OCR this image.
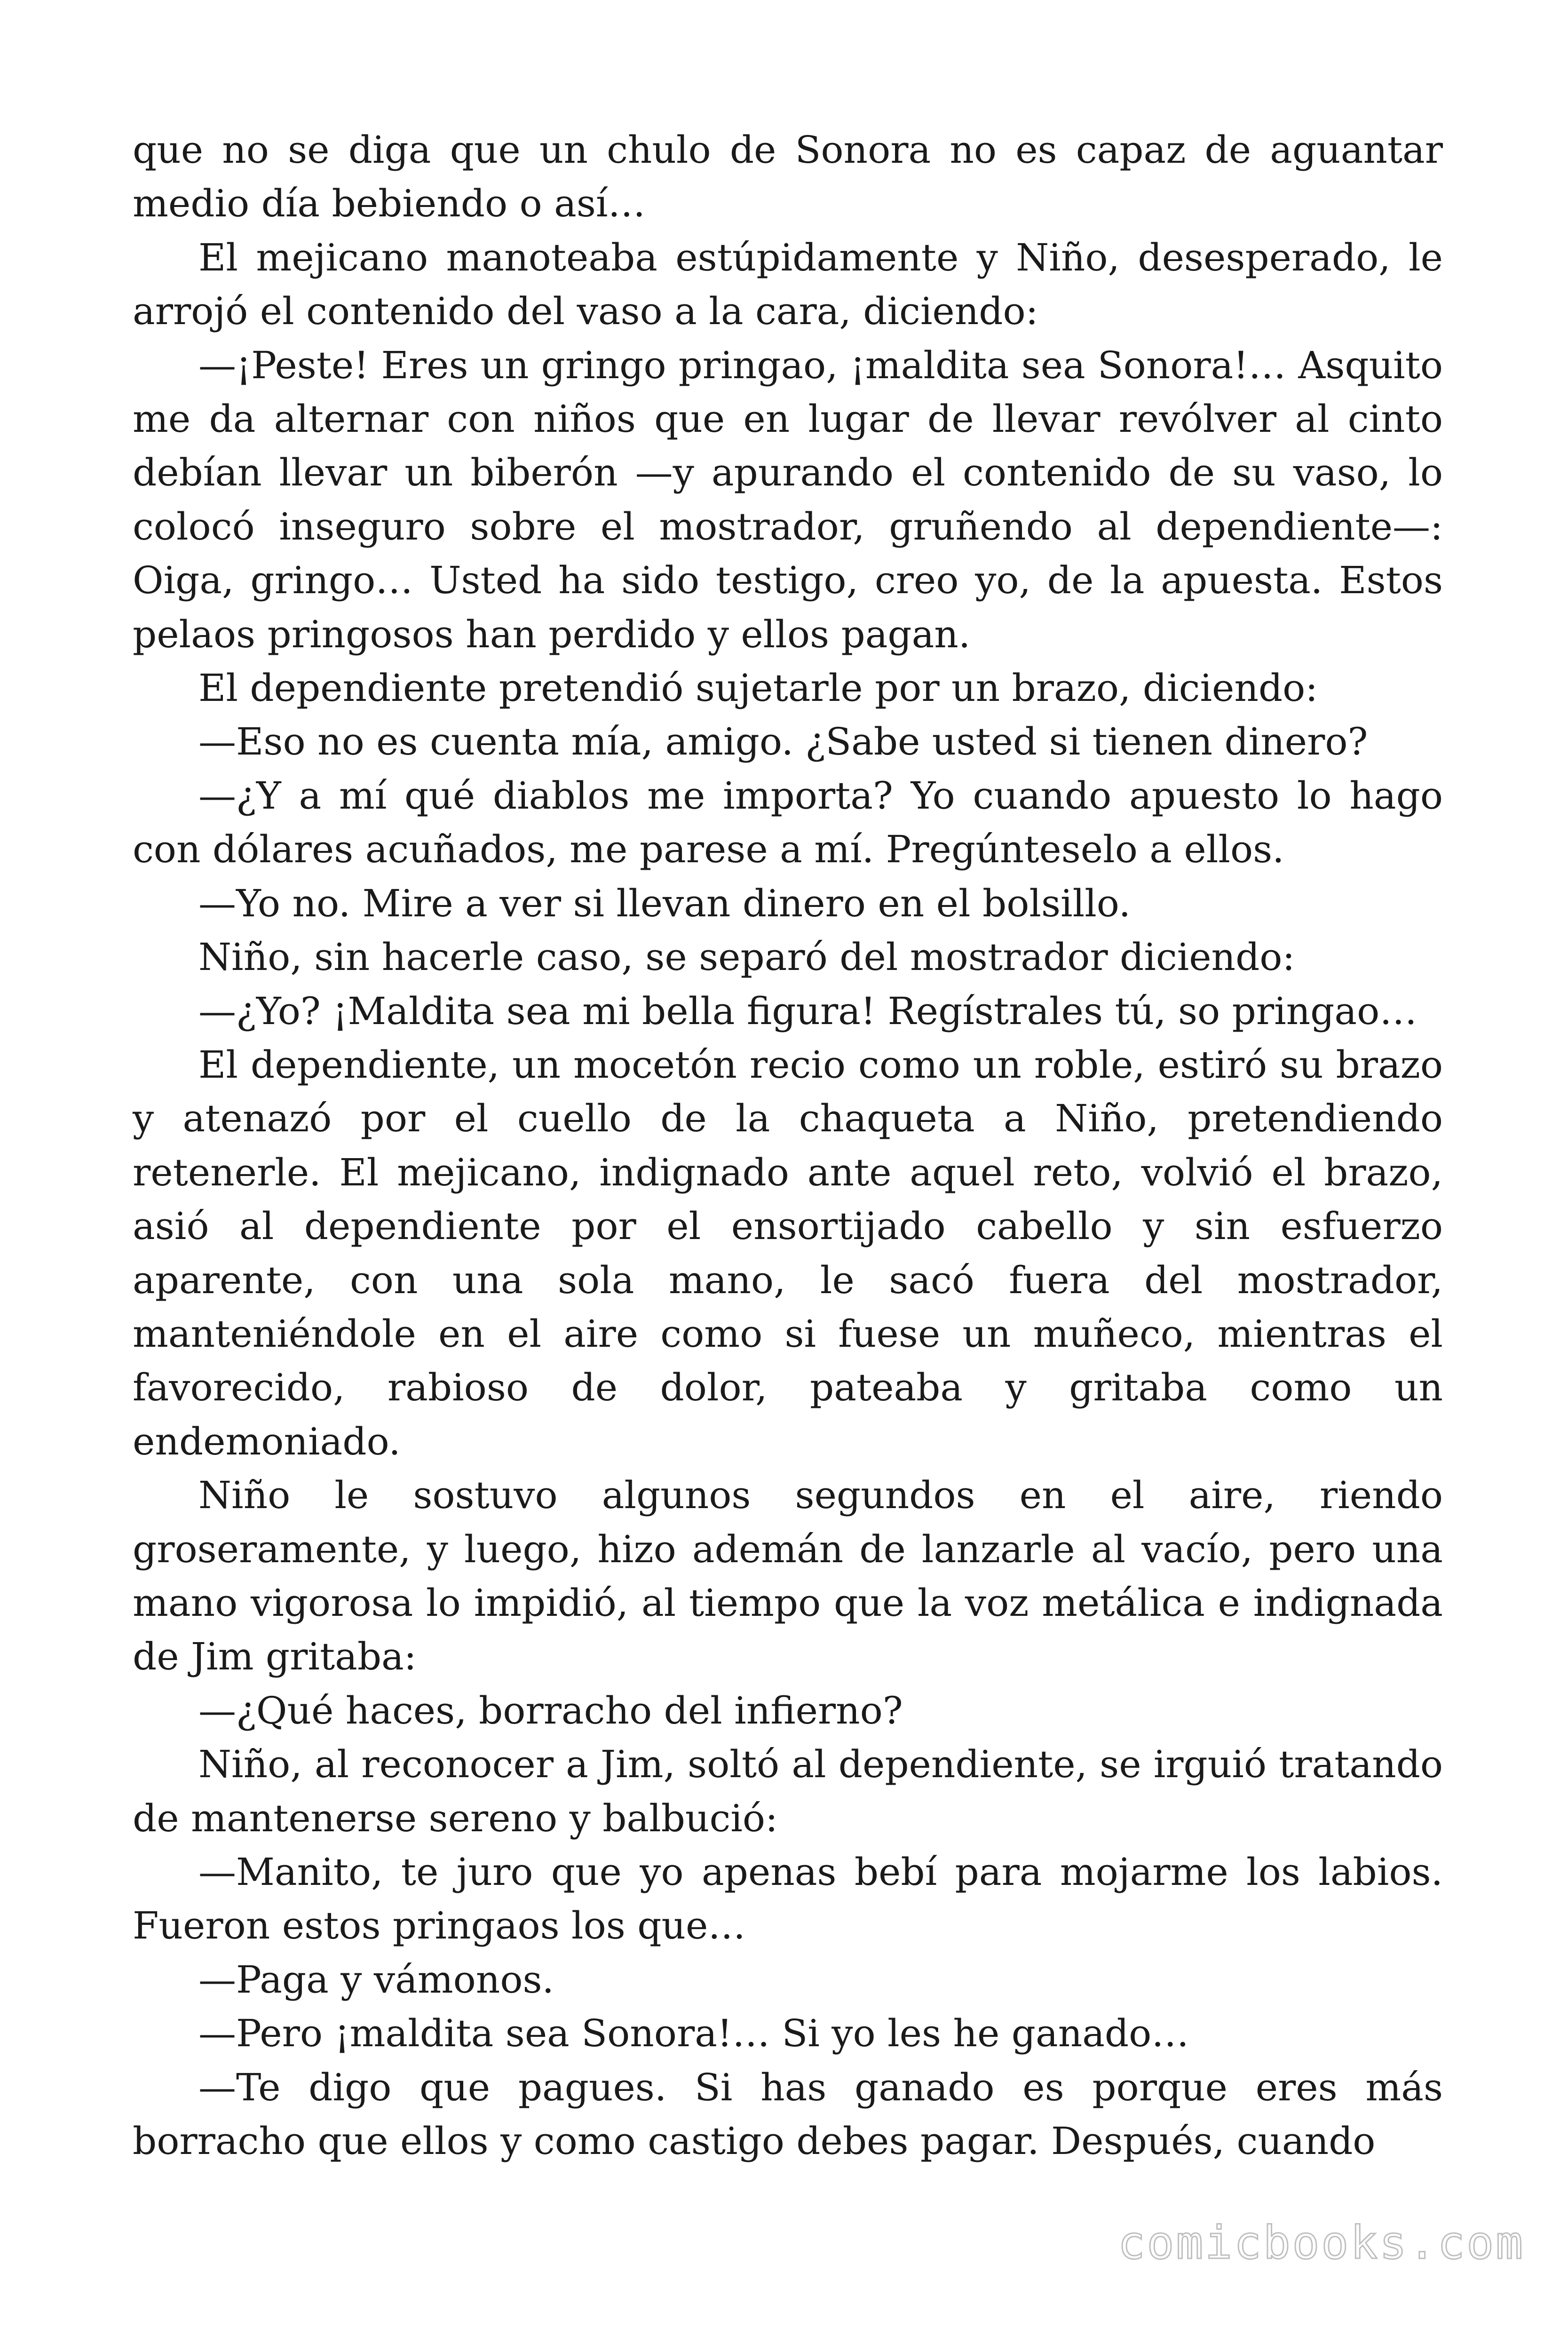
que no se diga que un chulo de Sonora no es capaz de aguantar medio día bebiendo o así…

El mejicano manoteaba estúpidamente y Niño, desesperado, le arrojó el contenido del vaso a la cara, diciendo:

—¡Peste! Eres un gringo pringao, ¡maldita sea Sonora!… Asquito me da alternar con niños que en lugar de llevar revólver al cinto debían llevar un biberón —y apurando el contenido de su vaso, lo colocó inseguro sobre el mostrador, gruñendo al dependiente—: Oiga, gringo… Usted ha sido testigo, creo yo, de la apuesta. Estos pelaos pringosos han perdido y ellos pagan.

El dependiente pretendió sujetarle por un brazo, diciendo:

—Eso no es cuenta mía, amigo. ¿Sabe usted si tienen dinero?

—¿Y a mí qué diablos me importa? Yo cuando apuesto lo hago con dólares acuñados, me parese a mí. Pregúnteselo a ellos.

—Yo no. Mire a ver si llevan dinero en el bolsillo.

Niño, sin hacerle caso, se separó del mostrador diciendo:

—¿Yo? ¡Maldita sea mi bella figura! Regístrales tú, so pringao…

El dependiente, un mocetón recio como un roble, estiró su brazo y atenazó por el cuello de la chaqueta a Niño, pretendiendo retenerle. El mejicano, indignado ante aquel reto, volvió el brazo, asió al dependiente por el ensortijado cabello y sin esfuerzo aparente, con una sola mano, le sacó fuera del mostrador, manteniéndole en el aire como si fuese un muñeco, mientras el favorecido, rabioso de dolor, pateaba y gritaba como un endemoniado.

Niño le sostuvo algunos segundos en el aire, riendo groseramente, y luego, hizo ademán de lanzarle al vacío, pero una mano vigorosa lo impidió, al tiempo que la voz metálica e indignada de Jim gritaba:

—¿Qué haces, borracho del infierno?

Niño, al reconocer a Jim, soltó al dependiente, se irguió tratando de mantenerse sereno y balbució:

—Manito, te juro que yo apenas bebí para mojarme los labios. Fueron estos pringaos los que…

—Paga y vámonos.

—Pero ¡maldita sea Sonora!… Si yo les he ganado…

—Te digo que pagues. Si has ganado es porque eres más borracho que ellos y como castigo debes pagar. Después, cuando

comicbooks.com
